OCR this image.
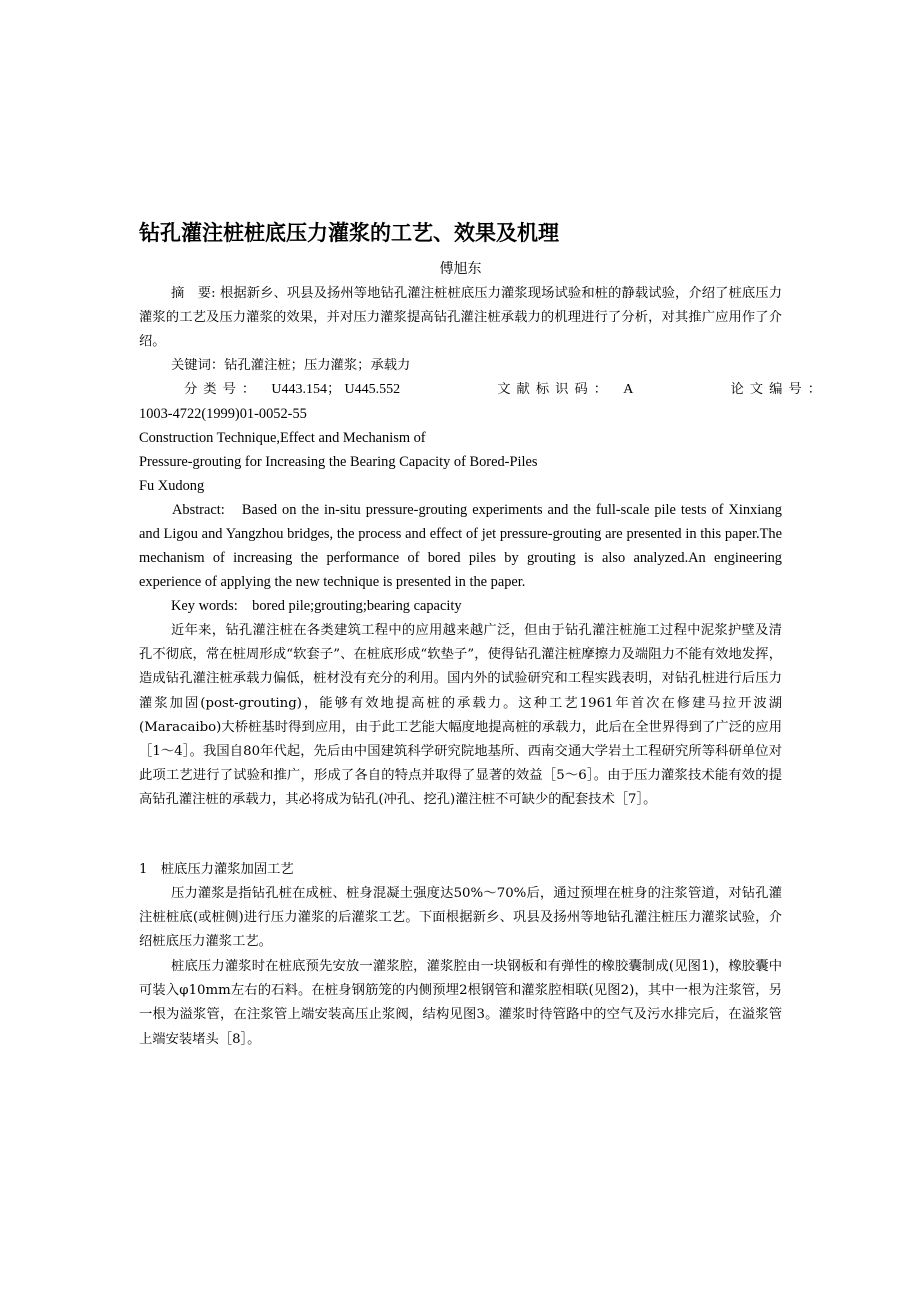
钻孔灌注桩桩底压力灌浆的工艺、效果及机理
傅旭东
摘　要: 根据新乡、巩县及扬州等地钻孔灌注桩桩底压力灌浆现场试验和桩的静载试验，介绍了桩底压力灌浆的工艺及压力灌浆的效果，并对压力灌浆提高钻孔灌注桩承载力的机理进行了分析，对其推广应用作了介绍。
关键词：钻孔灌注桩；压力灌浆；承载力
分类号： U443.154； U445.552	文献标识码： A	论文编号：
1003-4722(1999)01-0052-55
Construction Technique,Effect and Mechanism of
Pressure-grouting for Increasing the Bearing Capacity of Bored-Piles
Fu Xudong
Abstract:　Based on the in-situ pressure-grouting experiments and the full-scale pile tests of Xinxiang and Ligou and Yangzhou bridges, the process and effect of jet pressure-grouting are presented in this paper.The mechanism of increasing the performance of bored piles by grouting is also analyzed.An engineering experience of applying the new technique is presented in the paper.
Key words:　bored pile;grouting;bearing capacity
近年来，钻孔灌注桩在各类建筑工程中的应用越来越广泛，但由于钻孔灌注桩施工过程中泥浆护壁及清孔不彻底，常在桩周形成“软套子”、在桩底形成“软垫子”，使得钻孔灌注桩摩擦力及端阻力不能有效地发挥，造成钻孔灌注桩承载力偏低，桩材没有充分的利用。国内外的试验研究和工程实践表明，对钻孔桩进行后压力灌浆加固(post-grouting)，能够有效地提高桩的承载力。这种工艺1961年首次在修建马拉开波湖(Maracaibo)大桥桩基时得到应用，由于此工艺能大幅度地提高桩的承载力，此后在全世界得到了广泛的应用［1～4］。我国自80年代起，先后由中国建筑科学研究院地基所、西南交通大学岩土工程研究所等科研单位对此项工艺进行了试验和推广，形成了各自的特点并取得了显著的效益［5～6］。由于压力灌浆技术能有效的提高钻孔灌注桩的承载力，其必将成为钻孔(冲孔、挖孔)灌注桩不可缺少的配套技术［7］。
1　桩底压力灌浆加固工艺
压力灌浆是指钻孔桩在成桩、桩身混凝土强度达50%～70%后，通过预埋在桩身的注浆管道，对钻孔灌注桩桩底(或桩侧)进行压力灌浆的后灌浆工艺。下面根据新乡、巩县及扬州等地钻孔灌注桩压力灌浆试验，介绍桩底压力灌浆工艺。
桩底压力灌浆时在桩底预先安放一灌浆腔，灌浆腔由一块钢板和有弹性的橡胶囊制成(见图1)，橡胶囊中可装入φ10mm左右的石料。在桩身钢筋笼的内侧预埋2根钢管和灌浆腔相联(见图2)，其中一根为注浆管，另一根为溢浆管，在注浆管上端安装高压止浆阀，结构见图3。灌浆时待管路中的空气及污水排完后，在溢浆管上端安装堵头［8］。
